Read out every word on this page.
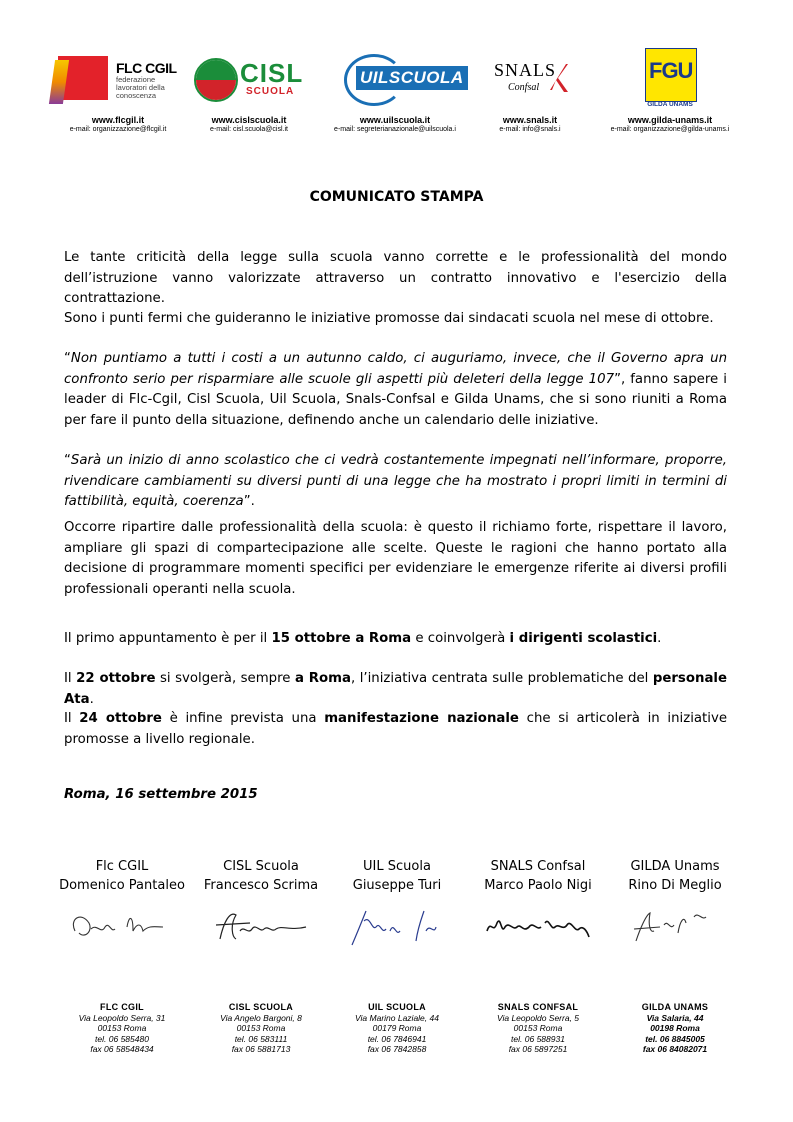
FLC CGIL
federazione lavoratori della conoscenza
www.flcgil.it
e-mail: organizzazione@flcgil.it
CISL
SCUOLA
www.cislscuola.it
e-mail: cisl.scuola@cisl.it
UILSCUOLA
www.uilscuola.it
e-mail: segreterianazionale@uilscuola.i
SNALS
Confsal
www.snals.it
e-mail: info@snals.i
FGU
GILDA UNAMS
www.gilda-unams.it
e-mail: organizzazione@gilda-unams.i
COMUNICATO STAMPA

Le tante criticità della legge sulla scuola vanno corrette e le professionalità del mondo dell’istruzione vanno valorizzate attraverso un contratto innovativo e l'esercizio della contrattazione.

Sono i punti fermi che guideranno le iniziative promosse dai sindacati scuola nel mese di ottobre.

“Non puntiamo a tutti i costi a un autunno caldo, ci auguriamo, invece, che il Governo apra un confronto serio per risparmiare alle scuole gli aspetti più deleteri della legge 107”, fanno sapere i leader di Flc-Cgil, Cisl Scuola, Uil Scuola, Snals-Confsal e Gilda Unams, che si sono riuniti a Roma per fare il punto della situazione, definendo anche un calendario delle iniziative.

“Sarà un inizio di anno scolastico che ci vedrà costantemente impegnati nell’informare, proporre, rivendicare cambiamenti su diversi punti di una legge che ha mostrato i propri limiti in termini di fattibilità, equità, coerenza”.

Occorre ripartire dalle professionalità della scuola: è questo il richiamo forte, rispettare il lavoro, ampliare gli spazi di compartecipazione alle scelte. Queste le ragioni che hanno portato alla decisione di programmare momenti specifici per evidenziare le emergenze riferite ai diversi profili professionali operanti nella scuola.

Il primo appuntamento è per il 15 ottobre a Roma e coinvolgerà i dirigenti scolastici.

Il 22 ottobre si svolgerà, sempre a Roma, l’iniziativa centrata sulle problematiche del personale Ata.

Il 24 ottobre è infine prevista una manifestazione nazionale che si articolerà in iniziative promosse a livello regionale.

Roma, 16 settembre 2015
Flc CGIL
Domenico Pantaleo
CISL Scuola
Francesco Scrima
UIL Scuola
Giuseppe Turi
SNALS Confsal
Marco Paolo Nigi
GILDA Unams
Rino Di Meglio
FLC CGIL
Via Leopoldo Serra, 31
00153 Roma
tel. 06 585480
fax 06 58548434
CISL SCUOLA
Via Angelo Bargoni, 8
00153 Roma
tel. 06 583111
fax 06 5881713
UIL SCUOLA
Via Marino Laziale, 44
00179 Roma
tel. 06 7846941
fax 06 7842858
SNALS CONFSAL
Via Leopoldo Serra, 5
00153 Roma
tel. 06 588931
fax 06 5897251
GILDA UNAMS
Via Salaria, 44
00198 Roma
tel. 06 8845005
fax 06 84082071
